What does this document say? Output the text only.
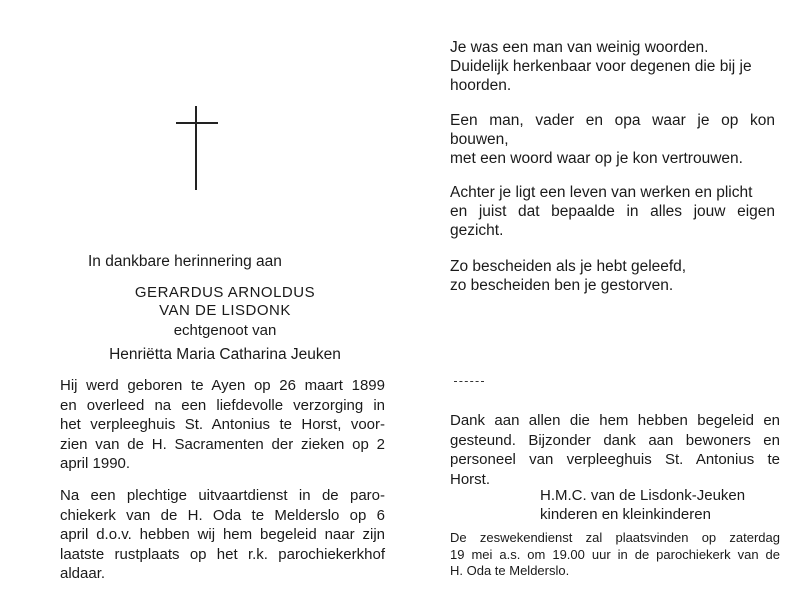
In dankbare herinnering aan
GERARDUS ARNOLDUS
VAN DE LISDONK
echtgenoot van
Henriëtta Maria Catharina Jeuken
Hij werd geboren te Ayen op 26 maart 1899
en overleed na een liefdevolle verzorging in
het verpleeghuis St. Antonius te Horst, voor-
zien van de H. Sacramenten der zieken op 2
april 1990.
Na een plechtige uitvaartdienst in de paro-
chiekerk van de H. Oda te Melderslo op 6
april d.o.v. hebben wij hem begeleid naar zijn
laatste rustplaats op het r.k. parochiekerkhof
aldaar.
Je was een man van weinig woorden.
Duidelijk herkenbaar voor degenen die bij je
hoorden.
Een man, vader en opa waar je op kon
bouwen,
met een woord waar op je kon vertrouwen.
Achter je ligt een leven van werken en plicht
en juist dat bepaalde in alles jouw eigen
gezicht.
Zo bescheiden als je hebt geleefd,
zo bescheiden ben je gestorven.
Dank aan allen die hem hebben begeleid en
gesteund. Bijzonder dank aan bewoners en
personeel van verpleeghuis St. Antonius te
Horst.
H.M.C. van de Lisdonk-Jeuken
kinderen en kleinkinderen
De zeswekendienst zal plaatsvinden op zaterdag
19 mei a.s. om 19.00 uur in de parochiekerk van de
H. Oda te Melderslo.
